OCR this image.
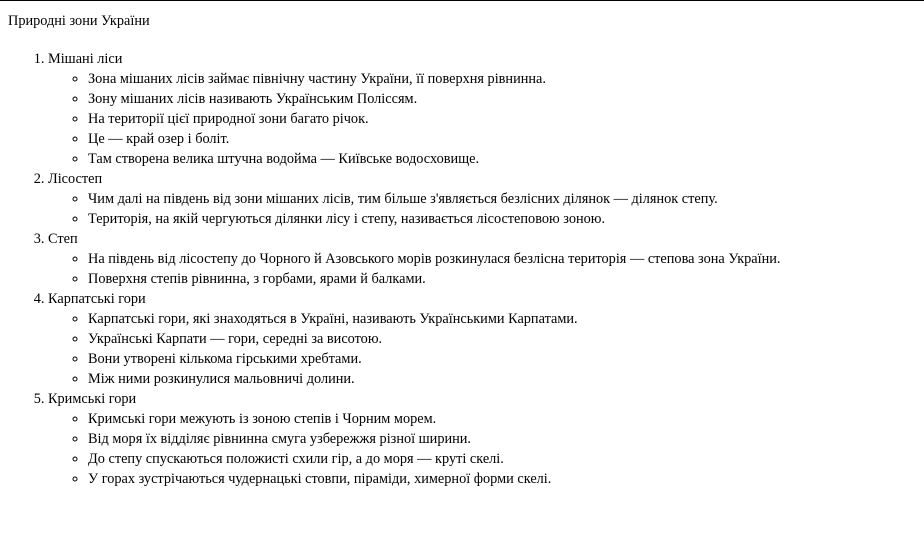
Природні зони України
1. Мішані ліси
◦ Зона мішаних лісів займає північну частину України, її поверхня рівнинна.
◦ Зону мішаних лісів називають Українським Поліссям.
◦ На території цієї природної зони багато річок.
◦ Це — край озер і боліт.
◦ Там створена велика штучна водойма — Київське водосховище.
2. Лісостеп
◦ Чим далі на південь від зони мішаних лісів, тим більше з'являється безлісних ділянок — ділянок степу.
◦ Територія, на якій чергуються ділянки лісу і степу, називається лісостеповою зоною.
3. Степ
◦ На південь від лісостепу до Чорного й Азовського морів розкинулася безлісна територія — степова зона України.
◦ Поверхня степів рівнинна, з горбами, ярами й балками.
4. Карпатські гори
◦ Карпатські гори, які знаходяться в Україні, називають Українськими Карпатами.
◦ Українські Карпати — гори, середні за висотою.
◦ Вони утворені кількома гірськими хребтами.
◦ Між ними розкинулися мальовничі долини.
5. Кримські гори
◦ Кримські гори межують із зоною степів і Чорним морем.
◦ Від моря їх відділяє рівнинна смуга узбережжя різної ширини.
◦ До степу спускаються положисті схили гір, а до моря — круті скелі.
◦ У горах зустрічаються чудернацькі стовпи, піраміди, химерної форми скелі.
